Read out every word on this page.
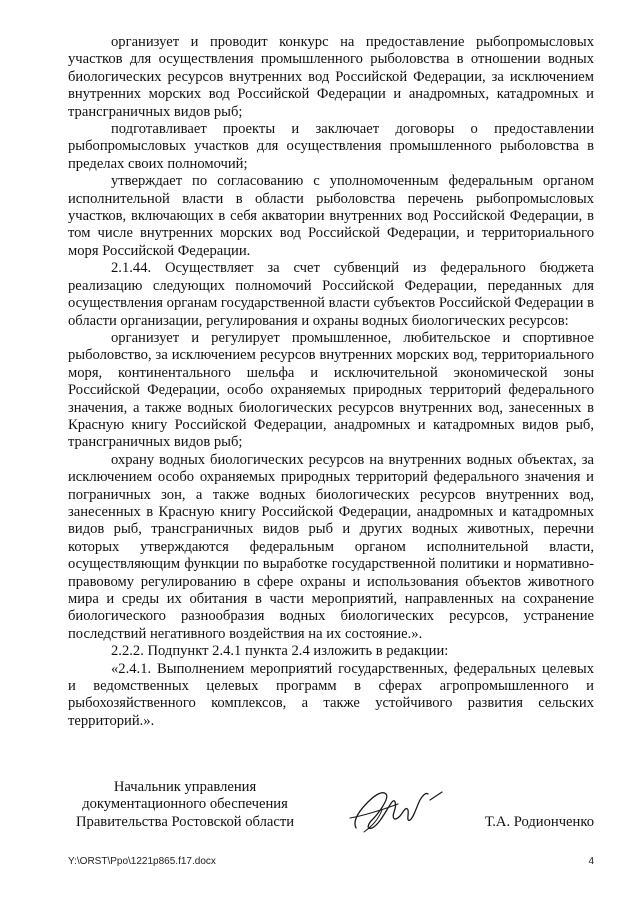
организует и проводит конкурс на предоставление рыбопромысловых участков для осуществления промышленного рыболовства в отношении водных биологических ресурсов внутренних вод Российской Федерации, за исключением внутренних морских вод Российской Федерации и анадромных, катадромных и трансграничных видов рыб;

подготавливает проекты и заключает договоры о предоставлении рыбопромысловых участков для осуществления промышленного рыболовства в пределах своих полномочий;

утверждает по согласованию с уполномоченным федеральным органом исполнительной власти в области рыболовства перечень рыбопромысловых участков, включающих в себя акватории внутренних вод Российской Федерации, в том числе внутренних морских вод Российской Федерации, и территориального моря Российской Федерации.

2.1.44. Осуществляет за счет субвенций из федерального бюджета реализацию следующих полномочий Российской Федерации, переданных для осуществления органам государственной власти субъектов Российской Федерации в области организации, регулирования и охраны водных биологических ресурсов:

организует и регулирует промышленное, любительское и спортивное рыболовство, за исключением ресурсов внутренних морских вод, территориального моря, континентального шельфа и исключительной экономической зоны Российской Федерации, особо охраняемых природных территорий федерального значения, а также водных биологических ресурсов внутренних вод, занесенных в Красную книгу Российской Федерации, анадромных и катадромных видов рыб, трансграничных видов рыб;

охрану водных биологических ресурсов на внутренних водных объектах, за исключением особо охраняемых природных территорий федерального значения и пограничных зон, а также водных биологических ресурсов внутренних вод, занесенных в Красную книгу Российской Федерации, анадромных и катадромных видов рыб, трансграничных видов рыб и других водных животных, перечни которых утверждаются федеральным органом исполнительной власти, осуществляющим функции по выработке государственной политики и нормативно-правовому регулированию в сфере охраны и использования объектов животного мира и среды их обитания в части мероприятий, направленных на сохранение биологического разнообразия водных биологических ресурсов, устранение последствий негативного воздействия на их состояние.».

2.2.2. Подпункт 2.4.1 пункта 2.4 изложить в редакции:

«2.4.1. Выполнением мероприятий государственных, федеральных целевых и ведомственных целевых программ в сферах агропромышленного и рыбохозяйственного комплексов, а также устойчивого развития сельских территорий.».

Начальник управления
документационного обеспечения
Правительства Ростовской области	Т.А. Родионченко
Y:\ORST\Ppo\1221p865.f17.docx	4
